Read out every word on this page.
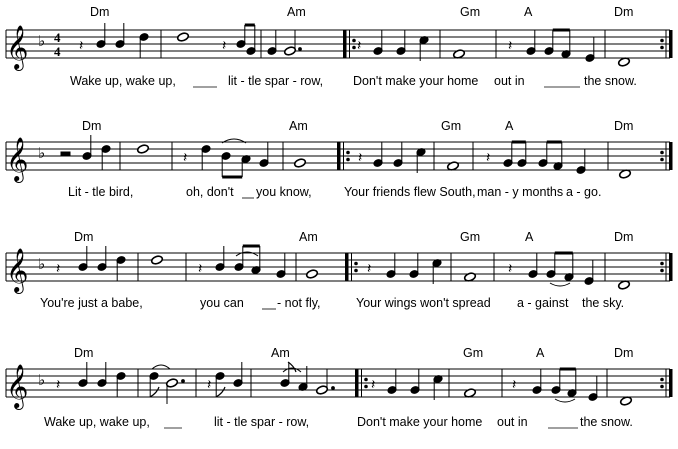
Dm	Am	Gm	A	Dm
𝄞 ♭ 4
4 𝄽	𝄽	𝄽	𝄽
Wake up, wake up,	lit - tle spar - row, Don't make your home out in	the snow.
Dm	Am	Gm	A	Dm
𝄞 ♭	𝄽	𝄽	𝄽
Lit - tle bird,	oh, don't you know,	Your friends flew South, man - y months a - go.
Dm	Am	Gm	A	Dm
𝄞 ♭ 𝄽	𝄽	𝄽	𝄽
You're just a babe,	you can	- not fly,	Your wings won't spread a - gainst the sky.
Dm	Am	Gm	A	Dm
𝄞 ♭ 𝄽	𝄽	𝄽	𝄽
Wake up, wake up,	lit - tle spar - row,	Don't make your home out in	the snow.
